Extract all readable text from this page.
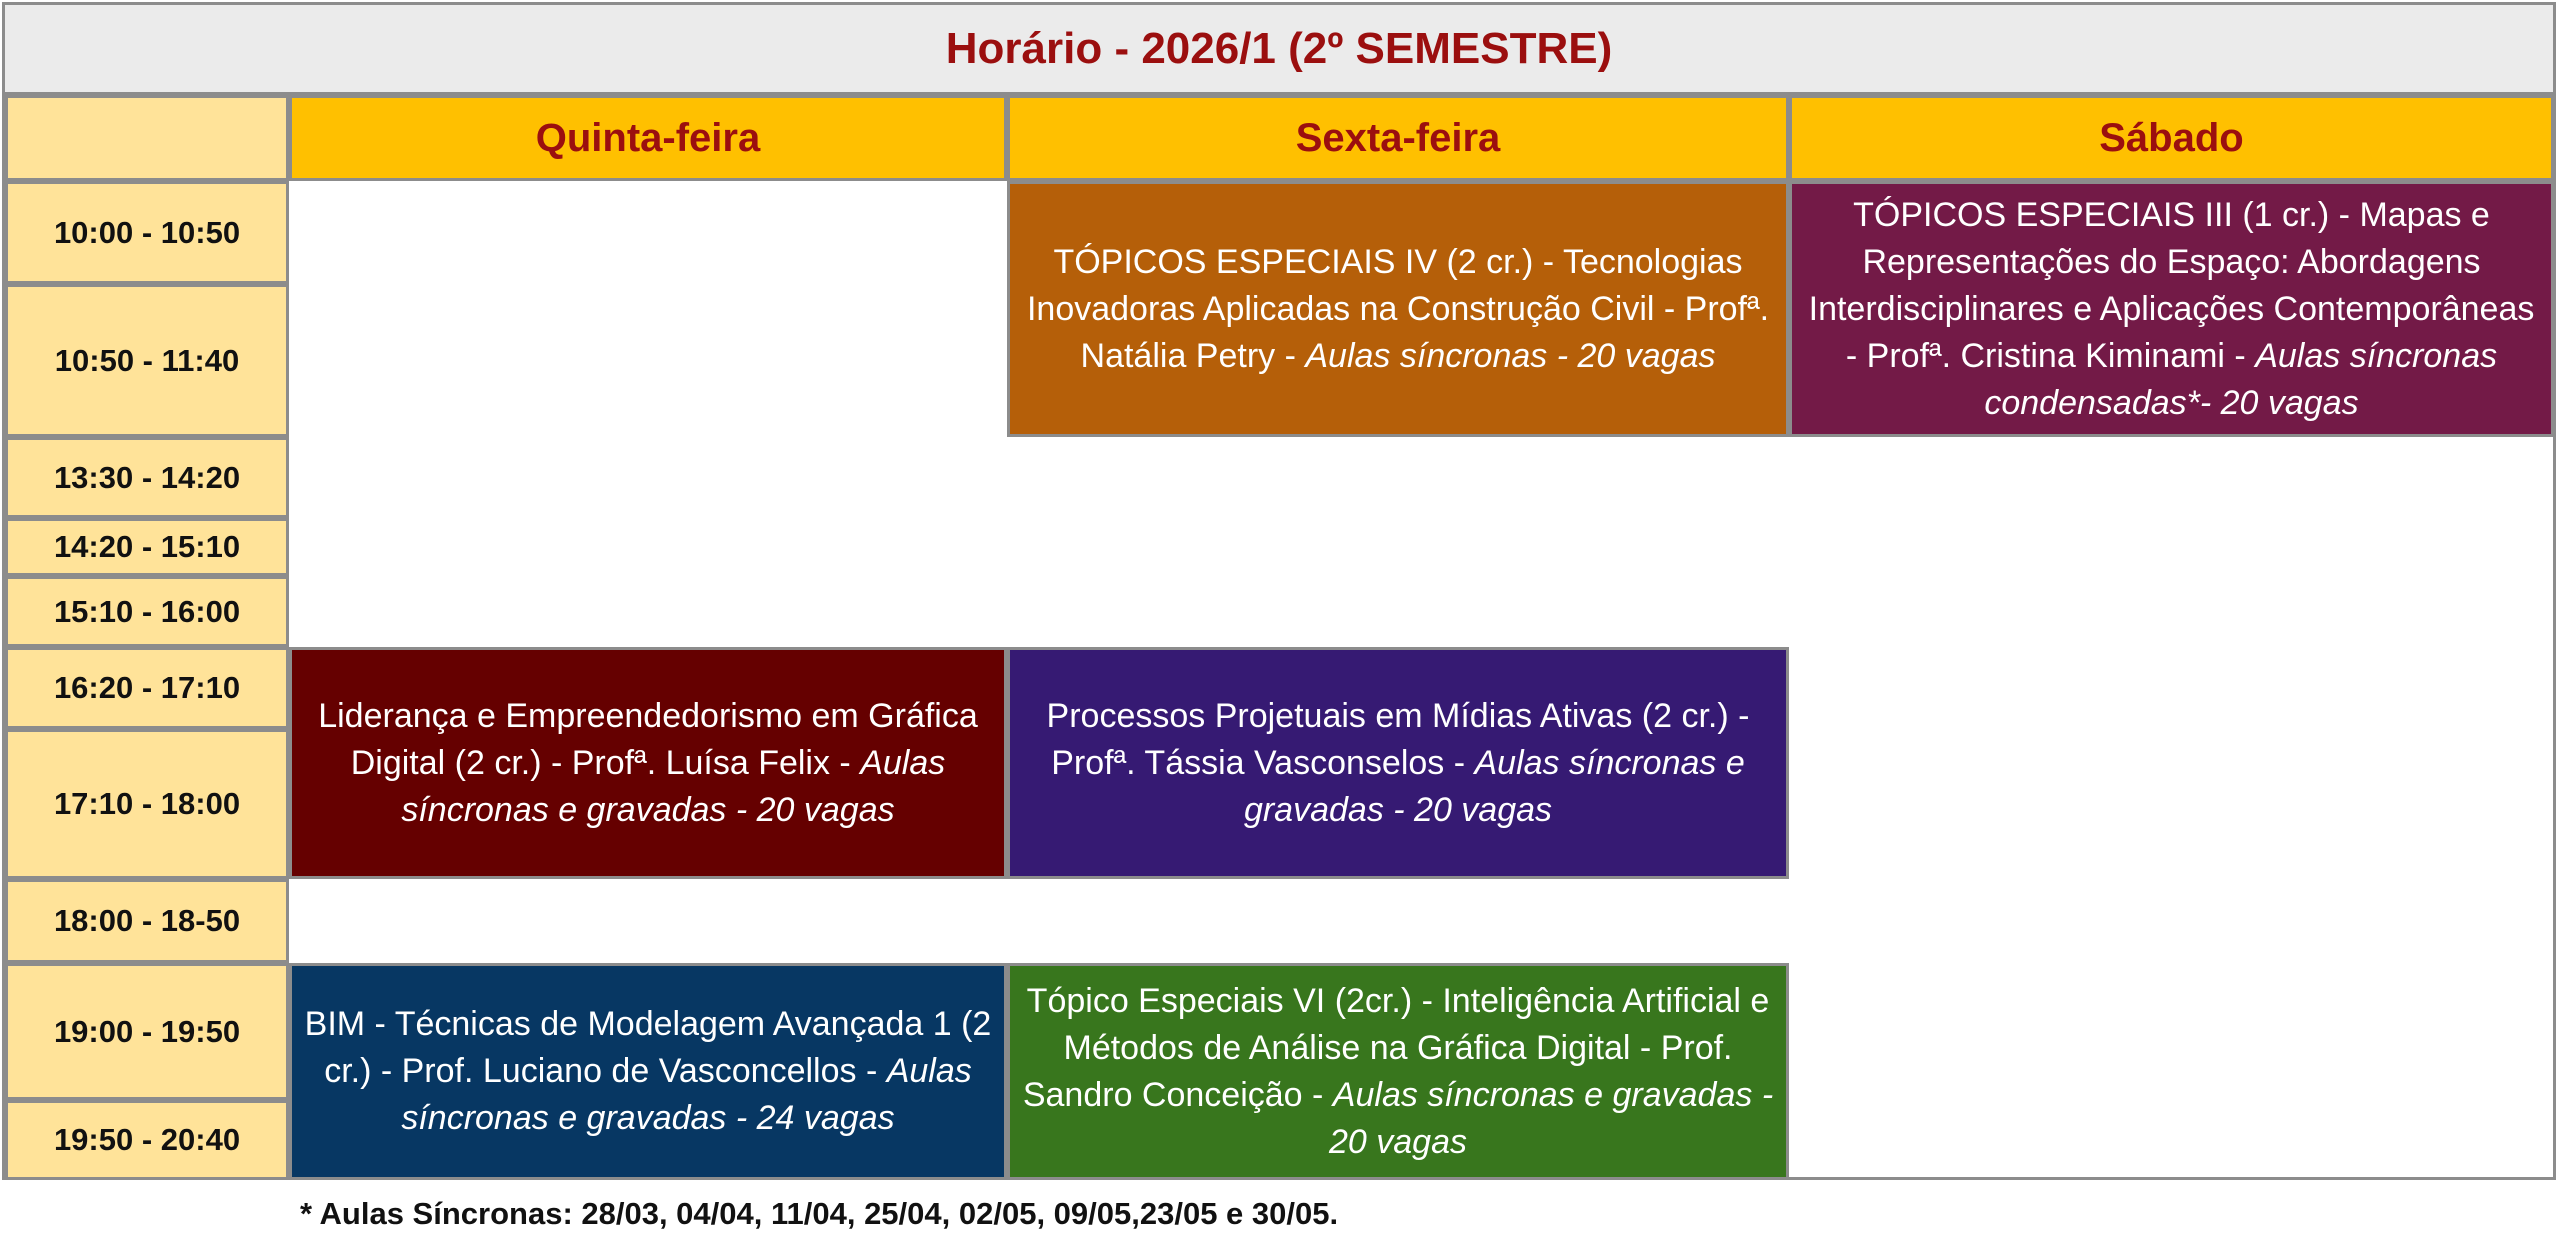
Horário - 2026/1 (2º SEMESTRE)
Quinta-feira	Sexta-feira	Sábado
10:00 - 10:50
10:50 - 11:40
13:30 - 14:20
14:20 - 15:10
15:10 - 16:00
16:20 - 17:10
17:10 - 18:00
18:00 - 18-50
19:00 - 19:50
19:50 - 20:40
TÓPICOS ESPECIAIS IV (2 cr.) - Tecnologias Inovadoras Aplicadas na Construção Civil - Profª. Natália Petry - Aulas síncronas - 20 vagas
TÓPICOS ESPECIAIS III (1 cr.) - Mapas e Representações do Espaço: Abordagens Interdisciplinares e Aplicações Contemporâneas - Profª. Cristina Kiminami - Aulas síncronas condensadas*- 20 vagas
Liderança e Empreendedorismo em Gráfica Digital (2 cr.) - Profª. Luísa Felix - Aulas síncronas e gravadas - 20 vagas
Processos Projetuais em Mídias Ativas (2 cr.) - Profª. Tássia Vasconselos - Aulas síncronas e gravadas - 20 vagas
BIM - Técnicas de Modelagem Avançada 1 (2 cr.) - Prof. Luciano de Vasconcellos - Aulas síncronas e gravadas - 24 vagas
Tópico Especiais VI (2cr.) - Inteligência Artificial e Métodos de Análise na Gráfica Digital - Prof. Sandro Conceição - Aulas síncronas e gravadas - 20 vagas
* Aulas Síncronas: 28/03, 04/04, 11/04, 25/04, 02/05, 09/05,23/05 e 30/05.
